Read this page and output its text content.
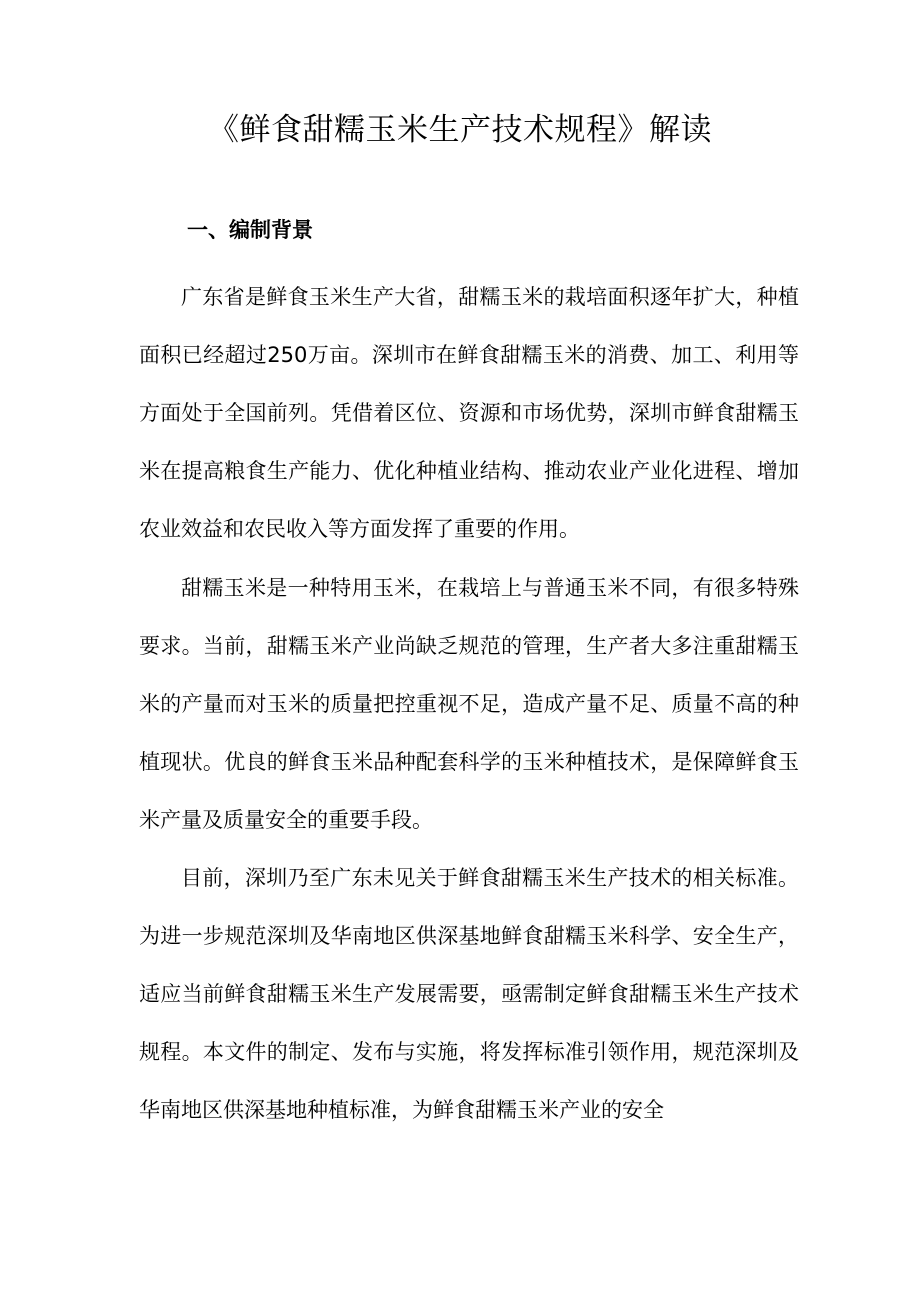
《鲜食甜糯玉米生产技术规程》解读
一、编制背景

广东省是鲜食玉米生产大省，甜糯玉米的栽培面积逐年扩大，种植面积已经超过250万亩。深圳市在鲜食甜糯玉米的消费、加工、利用等方面处于全国前列。凭借着区位、资源和市场优势，深圳市鲜食甜糯玉米在提高粮食生产能力、优化种植业结构、推动农业产业化进程、增加农业效益和农民收入等方面发挥了重要的作用。

甜糯玉米是一种特用玉米，在栽培上与普通玉米不同，有很多特殊要求。当前，甜糯玉米产业尚缺乏规范的管理，生产者大多注重甜糯玉米的产量而对玉米的质量把控重视不足，造成产量不足、质量不高的种植现状。优良的鲜食玉米品种配套科学的玉米种植技术，是保障鲜食玉米产量及质量安全的重要手段。

目前，深圳乃至广东未见关于鲜食甜糯玉米生产技术的相关标准。为进一步规范深圳及华南地区供深基地鲜食甜糯玉米科学、安全生产，适应当前鲜食甜糯玉米生产发展需要，亟需制定鲜食甜糯玉米生产技术规程。本文件的制定、发布与实施，将发挥标准引领作用，规范深圳及华南地区供深基地种植标准，为鲜食甜糯玉米产业的安全
